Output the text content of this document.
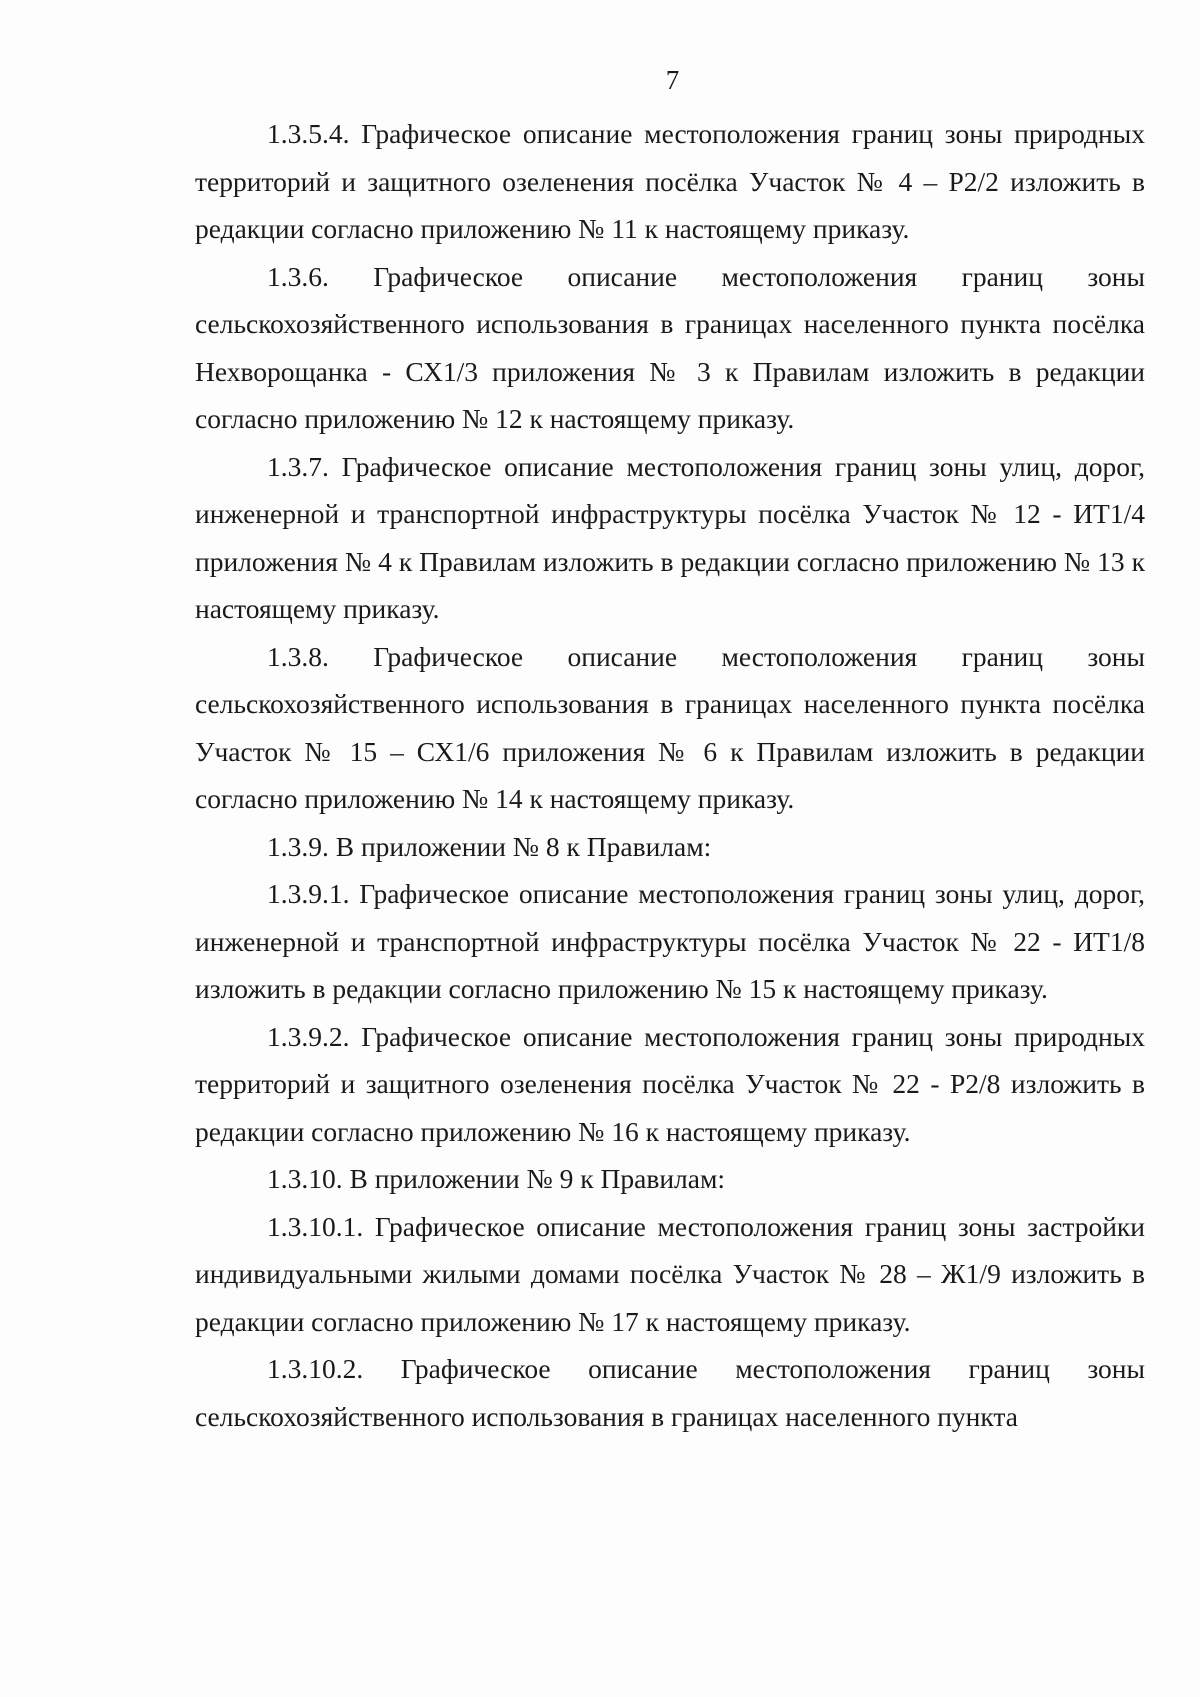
7

1.3.5.4. Графическое описание местоположения границ зоны природных территорий и защитного озеленения посёлка Участок № 4 – Р2/2 изложить в редакции согласно приложению № 11 к настоящему приказу.

1.3.6. Графическое описание местоположения границ зоны сельскохозяйственного использования в границах населенного пункта посёлка Нехворощанка - СХ1/3 приложения № 3 к Правилам изложить в редакции согласно приложению № 12 к настоящему приказу.

1.3.7. Графическое описание местоположения границ зоны улиц, дорог, инженерной и транспортной инфраструктуры посёлка Участок № 12 - ИТ1/4 приложения № 4 к Правилам изложить в редакции согласно приложению № 13 к настоящему приказу.

1.3.8. Графическое описание местоположения границ зоны сельскохозяйственного использования в границах населенного пункта посёлка Участок № 15 – СХ1/6 приложения № 6 к Правилам изложить в редакции согласно приложению № 14 к настоящему приказу.

1.3.9. В приложении № 8 к Правилам:

1.3.9.1. Графическое описание местоположения границ зоны улиц, дорог, инженерной и транспортной инфраструктуры посёлка Участок № 22 - ИТ1/8 изложить в редакции согласно приложению № 15 к настоящему приказу.

1.3.9.2. Графическое описание местоположения границ зоны природных территорий и защитного озеленения посёлка Участок № 22 - Р2/8 изложить в редакции согласно приложению № 16 к настоящему приказу.

1.3.10. В приложении № 9 к Правилам:

1.3.10.1. Графическое описание местоположения границ зоны застройки индивидуальными жилыми домами посёлка Участок № 28 – Ж1/9 изложить в редакции согласно приложению № 17 к настоящему приказу.

1.3.10.2. Графическое описание местоположения границ зоны сельскохозяйственного использования в границах населенного пункта
